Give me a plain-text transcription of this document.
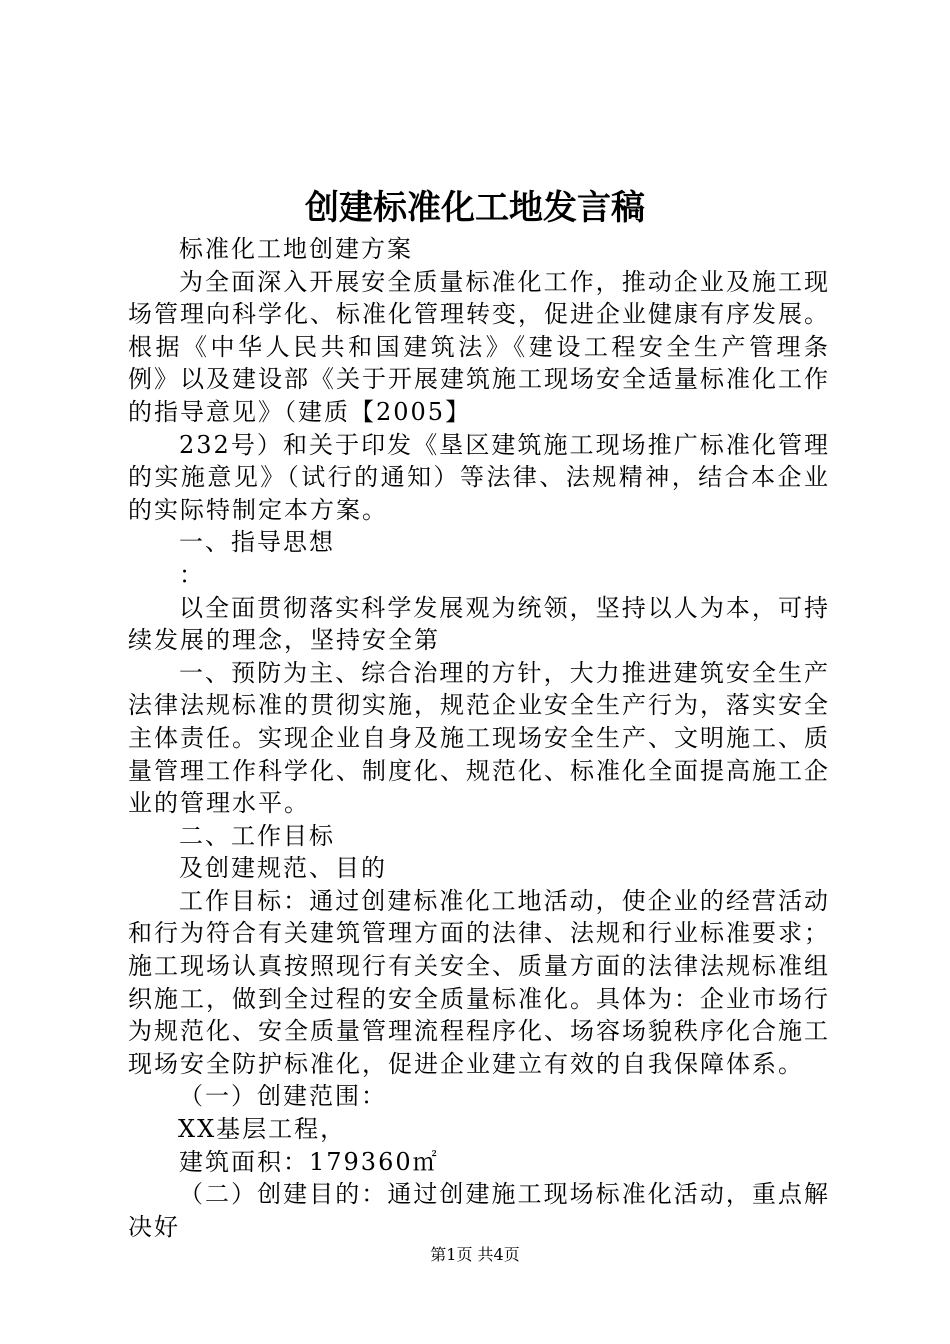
创建标准化工地发言稿

标准化工地创建方案

为全面深入开展安全质量标准化工作，推动企业及施工现场管理向科学化、标准化管理转变，促进企业健康有序发展。根据《中华人民共和国建筑法》《建设工程安全生产管理条例》以及建设部《关于开展建筑施工现场安全适量标准化工作的指导意见》（建质【2005】

232号）和关于印发《垦区建筑施工现场推广标准化管理的实施意见》（试行的通知）等法律、法规精神，结合本企业的实际特制定本方案。

一、指导思想

：

以全面贯彻落实科学发展观为统领，坚持以人为本，可持续发展的理念，坚持安全第

一、预防为主、综合治理的方针，大力推进建筑安全生产法律法规标准的贯彻实施，规范企业安全生产行为，落实安全主体责任。实现企业自身及施工现场安全生产、文明施工、质量管理工作科学化、制度化、规范化、标准化全面提高施工企业的管理水平。

二、工作目标

及创建规范、目的

工作目标：通过创建标准化工地活动，使企业的经营活动和行为符合有关建筑管理方面的法律、法规和行业标准要求；施工现场认真按照现行有关安全、质量方面的法律法规标准组织施工，做到全过程的安全质量标准化。具体为：企业市场行为规范化、安全质量管理流程程序化、场容场貌秩序化合施工现场安全防护标准化，促进企业建立有效的自我保障体系。

（一）创建范围：

XX基层工程，

建筑面积：179360㎡

（二）创建目的：通过创建施工现场标准化活动，重点解决好

第1页 共4页
